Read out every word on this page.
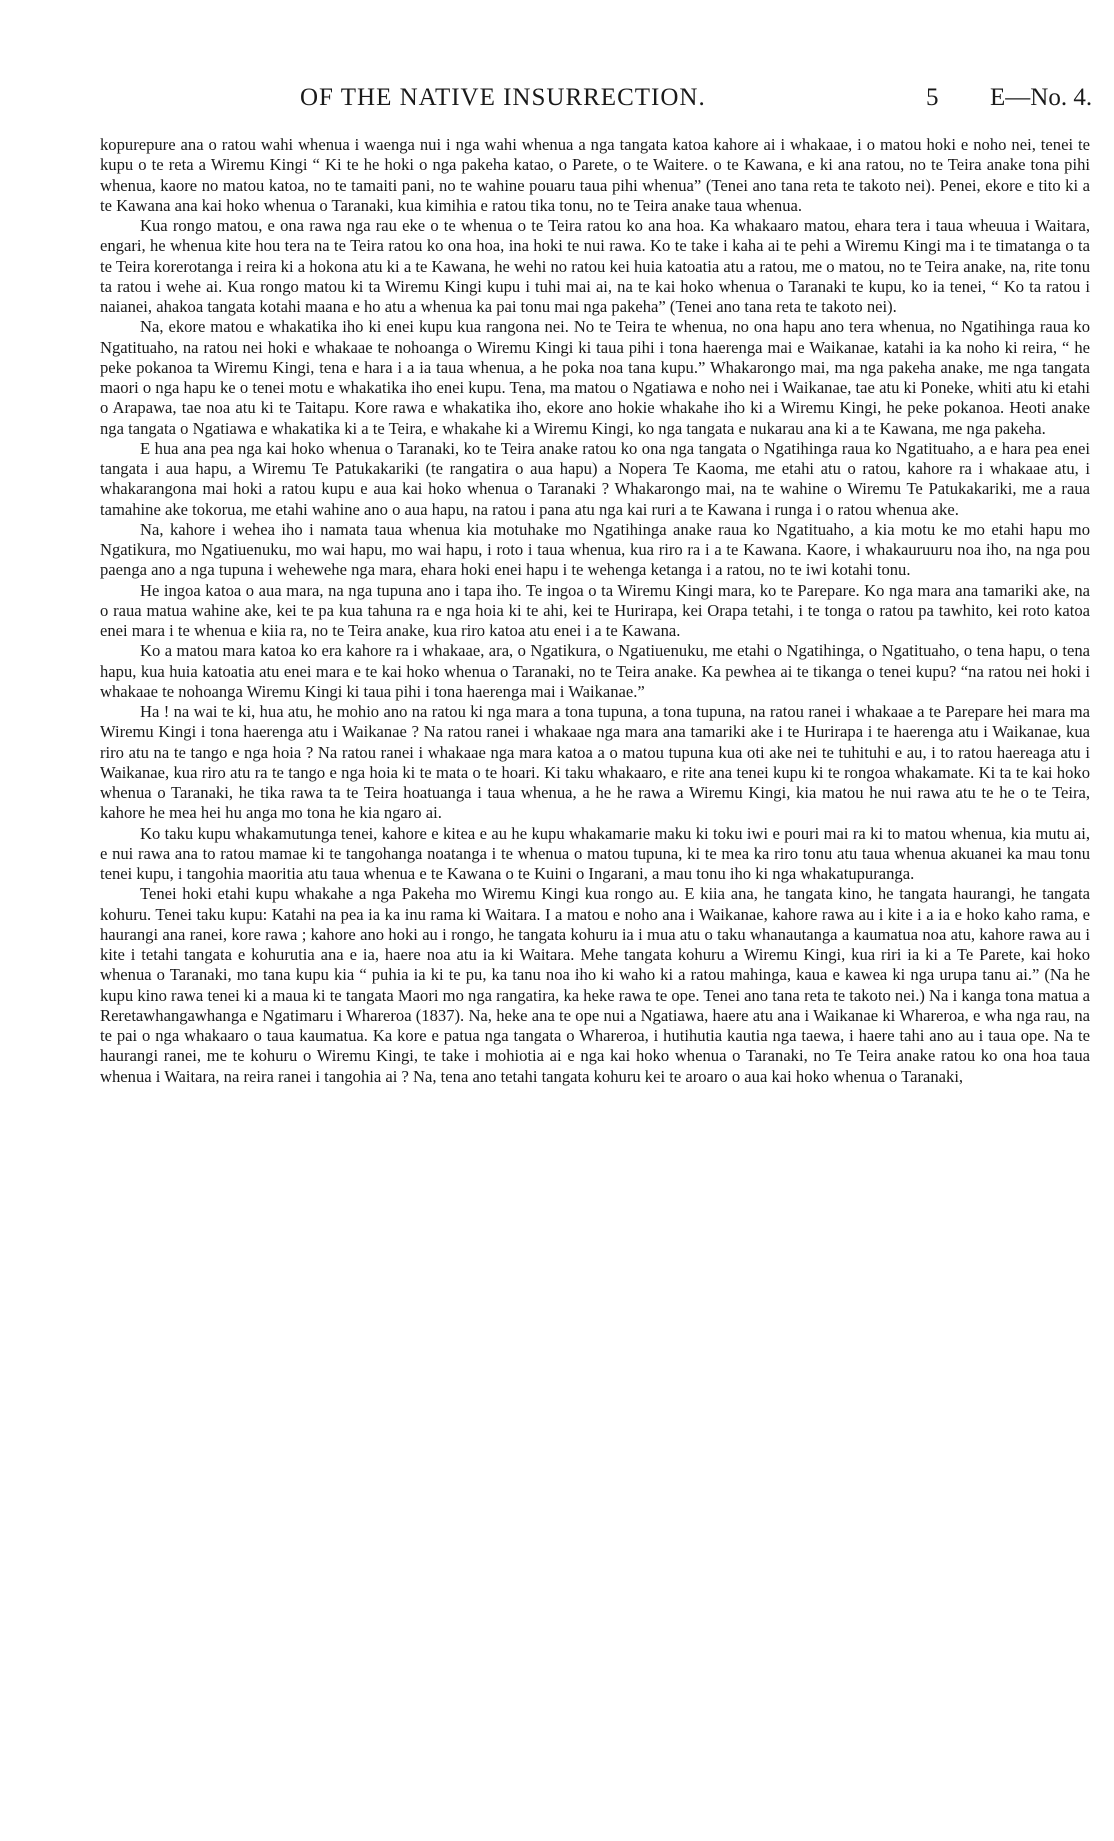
OF THE NATIVE INSURRECTION.	5 E—No. 4.

kopurepure ana o ratou wahi whenua i waenga nui i nga wahi whenua a nga tangata katoa kahore ai i whakaae, i o matou hoki e noho nei, tenei te kupu o te reta a Wiremu Kingi “ Ki te he hoki o nga pakeha katao, o Parete, o te Waitere. o te Kawana, e ki ana ratou, no te Teira anake tona pihi whenua, kaore no matou katoa, no te tamaiti pani, no te wahine pouaru taua pihi whenua” (Tenei ano tana reta te takoto nei). Penei, ekore e tito ki a te Kawana ana kai hoko whenua o Taranaki, kua kimihia e ratou tika tonu, no te Teira anake taua whenua.

Kua rongo matou, e ona rawa nga rau eke o te whenua o te Teira ratou ko ana hoa. Ka whakaaro matou, ehara tera i taua wheuua i Waitara, engari, he whenua kite hou tera na te Teira ratou ko ona hoa, ina hoki te nui rawa. Ko te take i kaha ai te pehi a Wiremu Kingi ma i te timatanga o ta te Teira korerotanga i reira ki a hokona atu ki a te Kawana, he wehi no ratou kei huia katoatia atu a ratou, me o matou, no te Teira anake, na, rite tonu ta ratou i wehe ai. Kua rongo matou ki ta Wiremu Kingi kupu i tuhi mai ai, na te kai hoko whenua o Taranaki te kupu, ko ia tenei, “ Ko ta ratou i naianei, ahakoa tangata kotahi maana e ho atu a whenua ka pai tonu mai nga pakeha” (Tenei ano tana reta te takoto nei).

Na, ekore matou e whakatika iho ki enei kupu kua rangona nei. No te Teira te whenua, no ona hapu ano tera whenua, no Ngatihinga raua ko Ngatituaho, na ratou nei hoki e whakaae te nohoanga o Wiremu Kingi ki taua pihi i tona haerenga mai e Waikanae, katahi ia ka noho ki reira, “ he peke pokanoa ta Wiremu Kingi, tena e hara i a ia taua whenua, a he poka noa tana kupu.” Whakarongo mai, ma nga pakeha anake, me nga tangata maori o nga hapu ke o tenei motu e whakatika iho enei kupu. Tena, ma matou o Ngatiawa e noho nei i Waikanae, tae atu ki Poneke, whiti atu ki etahi o Arapawa, tae noa atu ki te Taitapu. Kore rawa e whakatika iho, ekore ano hokie whakahe iho ki a Wiremu Kingi, he peke pokanoa. Heoti anake nga tangata o Ngatiawa e whakatika ki a te Teira, e whakahe ki a Wiremu Kingi, ko nga tangata e nukarau ana ki a te Kawana, me nga pakeha.

E hua ana pea nga kai hoko whenua o Taranaki, ko te Teira anake ratou ko ona nga tangata o Ngatihinga raua ko Ngatituaho, a e hara pea enei tangata i aua hapu, a Wiremu Te Patukakariki (te rangatira o aua hapu) a Nopera Te Kaoma, me etahi atu o ratou, kahore ra i whakaae atu, i whakarangona mai hoki a ratou kupu e aua kai hoko whenua o Taranaki ? Whakarongo mai, na te wahine o Wiremu Te Patukakariki, me a raua tamahine ake tokorua, me etahi wahine ano o aua hapu, na ratou i pana atu nga kai ruri a te Kawana i runga i o ratou whenua ake.

Na, kahore i wehea iho i namata taua whenua kia motuhake mo Ngatihinga anake raua ko Ngatituaho, a kia motu ke mo etahi hapu mo Ngatikura, mo Ngatiuenuku, mo wai hapu, mo wai hapu, i roto i taua whenua, kua riro ra i a te Kawana. Kaore, i whakauruuru noa iho, na nga pou paenga ano a nga tupuna i wehewehe nga mara, ehara hoki enei hapu i te wehenga ketanga i a ratou, no te iwi kotahi tonu.

He ingoa katoa o aua mara, na nga tupuna ano i tapa iho. Te ingoa o ta Wiremu Kingi mara, ko te Parepare. Ko nga mara ana tamariki ake, na o raua matua wahine ake, kei te pa kua tahuna ra e nga hoia ki te ahi, kei te Hurirapa, kei Orapa tetahi, i te tonga o ratou pa tawhito, kei roto katoa enei mara i te whenua e kiia ra, no te Teira anake, kua riro katoa atu enei i a te Kawana.

Ko a matou mara katoa ko era kahore ra i whakaae, ara, o Ngatikura, o Ngatiuenuku, me etahi o Ngatihinga, o Ngatituaho, o tena hapu, o tena hapu, kua huia katoatia atu enei mara e te kai hoko whenua o Taranaki, no te Teira anake. Ka pewhea ai te tikanga o tenei kupu? “na ratou nei hoki i whakaae te nohoanga Wiremu Kingi ki taua pihi i tona haerenga mai i Waikanae.”

Ha ! na wai te ki, hua atu, he mohio ano na ratou ki nga mara a tona tupuna, a tona tupuna, na ratou ranei i whakaae a te Parepare hei mara ma Wiremu Kingi i tona haerenga atu i Waikanae ? Na ratou ranei i whakaae nga mara ana tamariki ake i te Hurirapa i te haerenga atu i Waikanae, kua riro atu na te tango e nga hoia ? Na ratou ranei i whakaae nga mara katoa a o matou tupuna kua oti ake nei te tuhituhi e au, i to ratou haereaga atu i Waikanae, kua riro atu ra te tango e nga hoia ki te mata o te hoari. Ki taku whakaaro, e rite ana tenei kupu ki te rongoa whakamate. Ki ta te kai hoko whenua o Taranaki, he tika rawa ta te Teira hoatuanga i taua whenua, a he he rawa a Wiremu Kingi, kia matou he nui rawa atu te he o te Teira, kahore he mea hei hu anga mo tona he kia ngaro ai.

Ko taku kupu whakamutunga tenei, kahore e kitea e au he kupu whakamarie maku ki toku iwi e pouri mai ra ki to matou whenua, kia mutu ai, e nui rawa ana to ratou mamae ki te tangohanga noatanga i te whenua o matou tupuna, ki te mea ka riro tonu atu taua whenua akuanei ka mau tonu tenei kupu, i tangohia maoritia atu taua whenua e te Kawana o te Kuini o Ingarani, a mau tonu iho ki nga whakatupuranga.

Tenei hoki etahi kupu whakahe a nga Pakeha mo Wiremu Kingi kua rongo au. E kiia ana, he tangata kino, he tangata haurangi, he tangata kohuru. Tenei taku kupu: Katahi na pea ia ka inu rama ki Waitara. I a matou e noho ana i Waikanae, kahore rawa au i kite i a ia e hoko kaho rama, e haurangi ana ranei, kore rawa ; kahore ano hoki au i rongo, he tangata kohuru ia i mua atu o taku whanautanga a kaumatua noa atu, kahore rawa au i kite i tetahi tangata e kohurutia ana e ia, haere noa atu ia ki Waitara. Mehe tangata kohuru a Wiremu Kingi, kua riri ia ki a Te Parete, kai hoko whenua o Taranaki, mo tana kupu kia “ puhia ia ki te pu, ka tanu noa iho ki waho ki a ratou mahinga, kaua e kawea ki nga urupa tanu ai.” (Na he kupu kino rawa tenei ki a maua ki te tangata Maori mo nga rangatira, ka heke rawa te ope. Tenei ano tana reta te takoto nei.) Na i kanga tona matua a Reretawhangawhanga e Ngatimaru i Whareroa (1837). Na, heke ana te ope nui a Ngatiawa, haere atu ana i Waikanae ki Whareroa, e wha nga rau, na te pai o nga whakaaro o taua kaumatua. Ka kore e patua nga tangata o Whareroa, i hutihutia kautia nga taewa, i haere tahi ano au i taua ope. Na te haurangi ranei, me te kohuru o Wiremu Kingi, te take i mohiotia ai e nga kai hoko whenua o Taranaki, no Te Teira anake ratou ko ona hoa taua whenua i Waitara, na reira ranei i tangohia ai ? Na, tena ano tetahi tangata kohuru kei te aroaro o aua kai hoko whenua o Taranaki,
